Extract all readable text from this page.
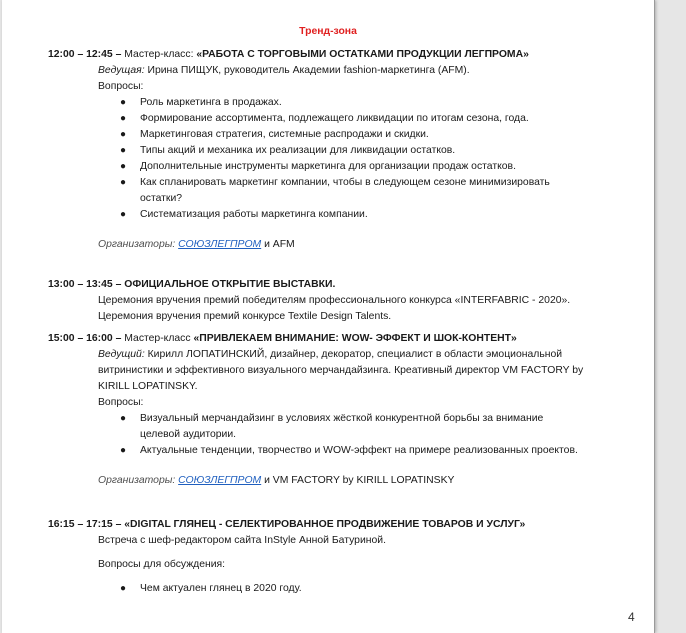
Тренд-зона
12:00 – 12:45 – Мастер-класс: «РАБОТА С ТОРГОВЫМИ ОСТАТКАМИ ПРОДУКЦИИ ЛЕГПРОМА»
Ведущая: Ирина ПИЩУК, руководитель Академии fashion-маркетинга (AFM).
Вопросы:
● Роль маркетинга в продажах.
● Формирование ассортимента, подлежащего ликвидации по итогам сезона, года.
● Маркетинговая стратегия, системные распродажи и скидки.
● Типы акций и механика их реализации для ликвидации остатков.
● Дополнительные инструменты маркетинга для организации продаж остатков.
● Как спланировать маркетинг компании, чтобы в следующем сезоне минимизировать
остатки?
● Систематизация работы маркетинга компании.
Организаторы: СОЮЗЛЕГПРОМ и AFM
13:00 – 13:45 – ОФИЦИАЛЬНОЕ ОТКРЫТИЕ ВЫСТАВКИ.
Церемония вручения премий победителям профессионального конкурса «INTERFABRIC - 2020».
Церемония вручения премий конкурсе Textile Design Talents.
15:00 – 16:00 – Мастер-класс «ПРИВЛЕКАЕМ ВНИМАНИЕ: WOW- ЭФФЕКТ И ШОК-КОНТЕНТ»
Ведущий: Кирилл ЛОПАТИНСКИЙ, дизайнер, декоратор, специалист в области эмоциональной
витринистики и эффективного визуального мерчандайзинга. Креативный директор VM FACTORY by
KIRILL LOPATINSKY.
Вопросы:
● Визуальный мерчандайзинг в условиях жёсткой конкурентной борьбы за внимание
целевой аудитории.
● Актуальные тенденции, творчество и WOW-эффект на примере реализованных проектов.
Организаторы: СОЮЗЛЕГПРОМ и VM FACTORY by KIRILL LOPATINSKY
16:15 – 17:15 – «DIGITAL ГЛЯНЕЦ - СЕЛЕКТИРОВАННОЕ ПРОДВИЖЕНИЕ ТОВАРОВ И УСЛУГ»
Встреча с шеф-редактором сайта InStyle Анной Батуриной.
Вопросы для обсуждения:
● Чем актуален глянец в 2020 году.
4
